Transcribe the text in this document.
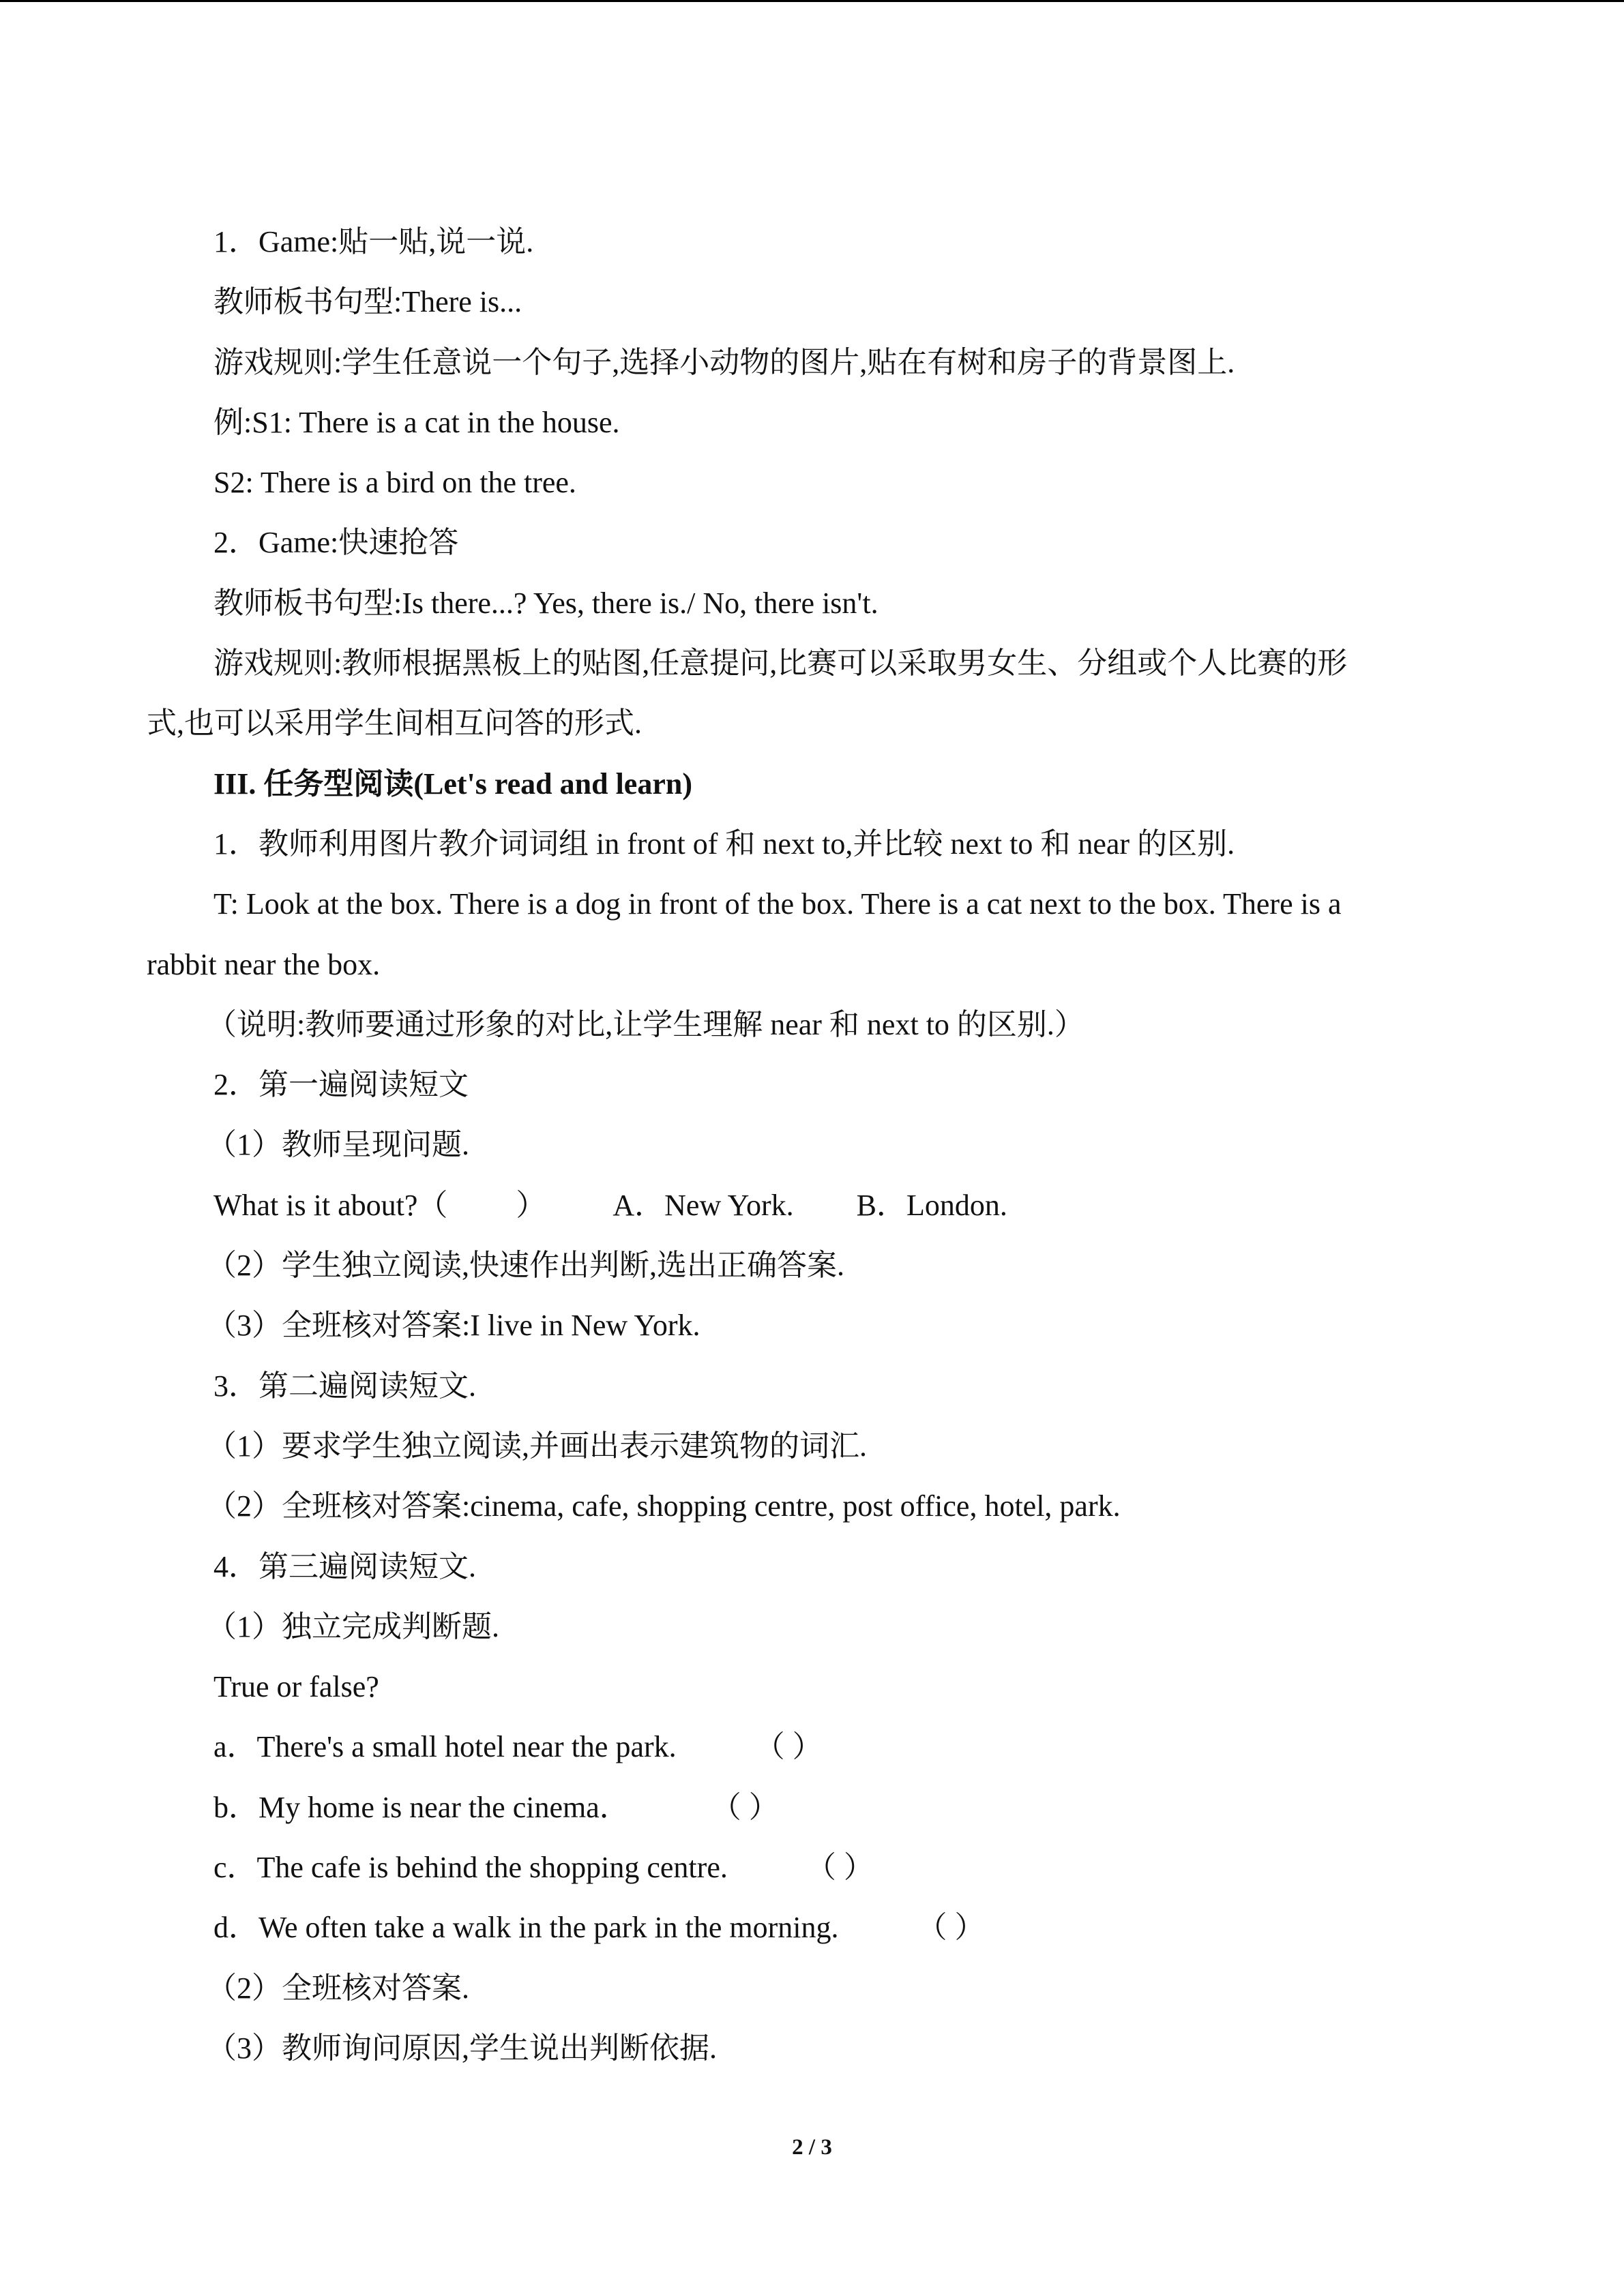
1．Game:贴一贴,说一说.
教师板书句型:There is...
游戏规则:学生任意说一个句子,选择小动物的图片,贴在有树和房子的背景图上.
例:S1: There is a cat in the house.
S2: There is a bird on the tree.
2．Game:快速抢答
教师板书句型:Is there...? Yes, there is./ No, there isn't.
游戏规则:教师根据黑板上的贴图,任意提问,比赛可以采取男女生、分组或个人比赛的形
式,也可以采用学生间相互问答的形式.
III. 任务型阅读(Let's read and learn)
1．教师利用图片教介词词组 in front of 和 next to,并比较 next to 和 near 的区别.
T: Look at the box. There is a dog in front of the box. There is a cat next to the box. There is a
rabbit near the box.
（说明:教师要通过形象的对比,让学生理解 near 和 next to 的区别.）
2．第一遍阅读短文
（1）教师呈现问题.
What is it about?（ ） A．New York. B．London.
（2）学生独立阅读,快速作出判断,选出正确答案.
（3）全班核对答案:I live in New York.
3．第二遍阅读短文.
（1）要求学生独立阅读,并画出表示建筑物的词汇.
（2）全班核对答案:cinema, cafe, shopping centre, post office, hotel, park.
4．第三遍阅读短文.
（1）独立完成判断题.
True or false?
a．There's a small hotel near the park.	（ ）
b．My home is near the cinema．	（ ）
c．The cafe is behind the shopping centre.	（ ）
d．We often take a walk in the park in the morning.	（ ）
（2）全班核对答案.
（3）教师询问原因,学生说出判断依据.
2 / 3
